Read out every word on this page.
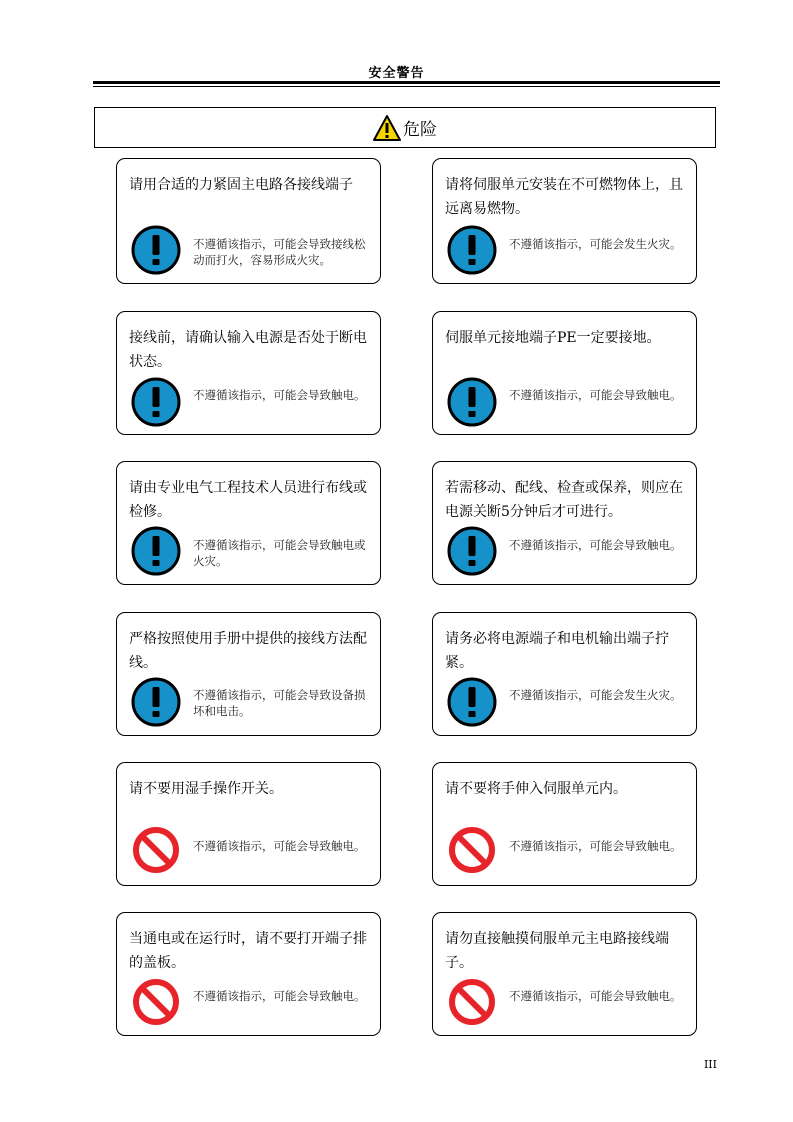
安全警告
危险
请用合适的力紧固主电路各接线端子
不遵循该指示，可能会导致接线松动而打火，容易形成火灾。
请将伺服单元安装在不可燃物体上，且远离易燃物。
不遵循该指示，可能会发生火灾。
接线前，请确认输入电源是否处于断电状态。
不遵循该指示，可能会导致触电。
伺服单元接地端子PE一定要接地。
不遵循该指示，可能会导致触电。
请由专业电气工程技术人员进行布线或检修。
不遵循该指示，可能会导致触电或火灾。
若需移动、配线、检查或保养，则应在电源关断5分钟后才可进行。
不遵循该指示，可能会导致触电。
严格按照使用手册中提供的接线方法配线。
不遵循该指示，可能会导致设备损坏和电击。
请务必将电源端子和电机输出端子拧紧。
不遵循该指示，可能会发生火灾。
请不要用湿手操作开关。
不遵循该指示，可能会导致触电。
请不要将手伸入伺服单元内。
不遵循该指示，可能会导致触电。
当通电或在运行时，请不要打开端子排的盖板。
不遵循该指示，可能会导致触电。
请勿直接触摸伺服单元主电路接线端子。
不遵循该指示，可能会导致触电。
III
